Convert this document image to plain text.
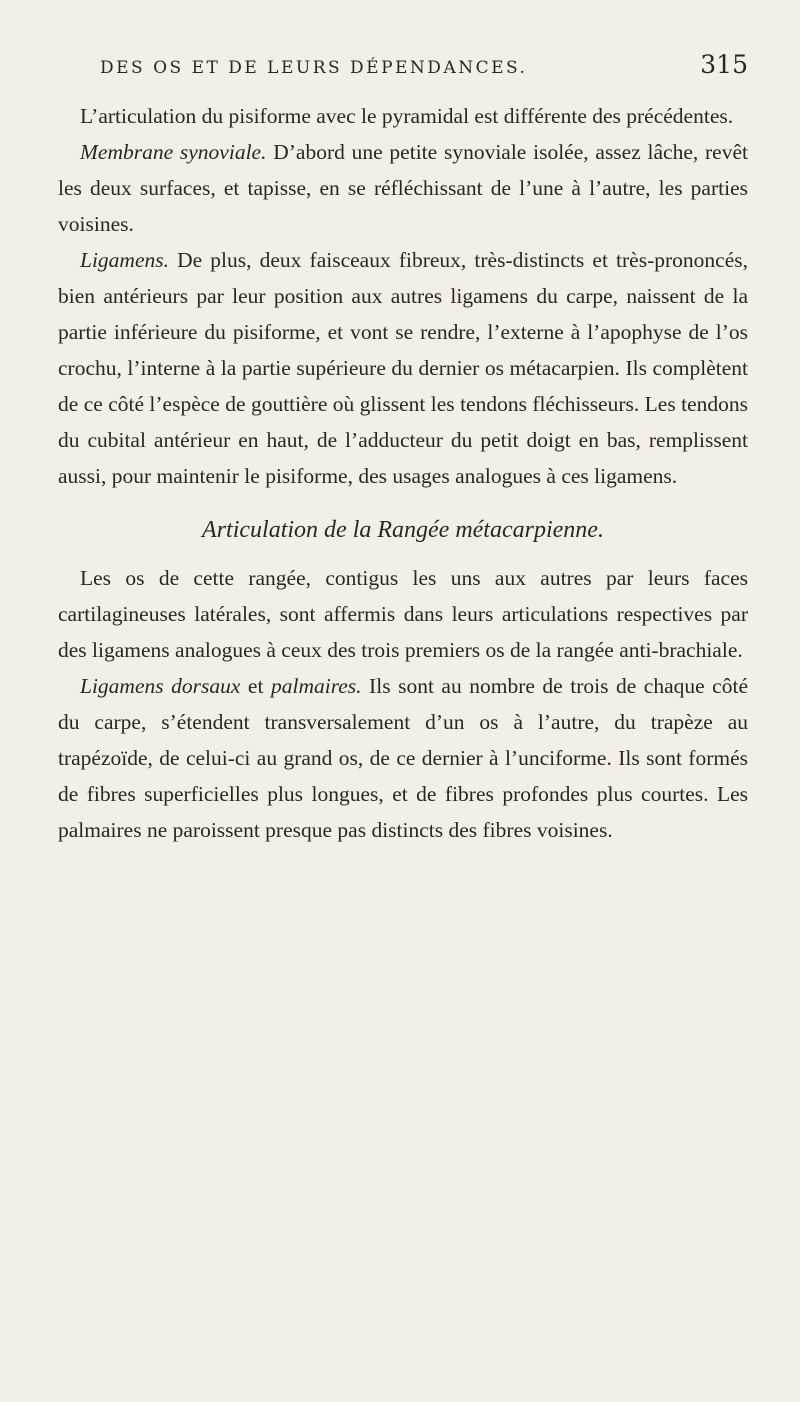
DES OS ET DE LEURS DÉPENDANCES.	315

L’articulation du pisiforme avec le pyramidal est différente des précédentes.

Membrane synoviale. D’abord une petite synoviale isolée, assez lâche, revêt les deux surfaces, et tapisse, en se réfléchissant de l’une à l’autre, les parties voisines.

Ligamens. De plus, deux faisceaux fibreux, très-distincts et très-prononcés, bien antérieurs par leur position aux autres ligamens du carpe, naissent de la partie inférieure du pisiforme, et vont se rendre, l’externe à l’apophyse de l’os crochu, l’interne à la partie supérieure du dernier os métacarpien. Ils complètent de ce côté l’espèce de gouttière où glissent les tendons fléchisseurs. Les tendons du cubital antérieur en haut, de l’adducteur du petit doigt en bas, remplissent aussi, pour maintenir le pisiforme, des usages analogues à ces ligamens.

Articulation de la Rangée métacarpienne.

Les os de cette rangée, contigus les uns aux autres par leurs faces cartilagineuses latérales, sont affermis dans leurs articulations respectives par des ligamens analogues à ceux des trois premiers os de la rangée anti-brachiale.

Ligamens dorsaux et palmaires. Ils sont au nombre de trois de chaque côté du carpe, s’étendent transversalement d’un os à l’autre, du trapèze au trapézoïde, de celui-ci au grand os, de ce dernier à l’unciforme. Ils sont formés de fibres superficielles plus longues, et de fibres profondes plus courtes. Les palmaires ne paroissent presque pas distincts des fibres voisines.
